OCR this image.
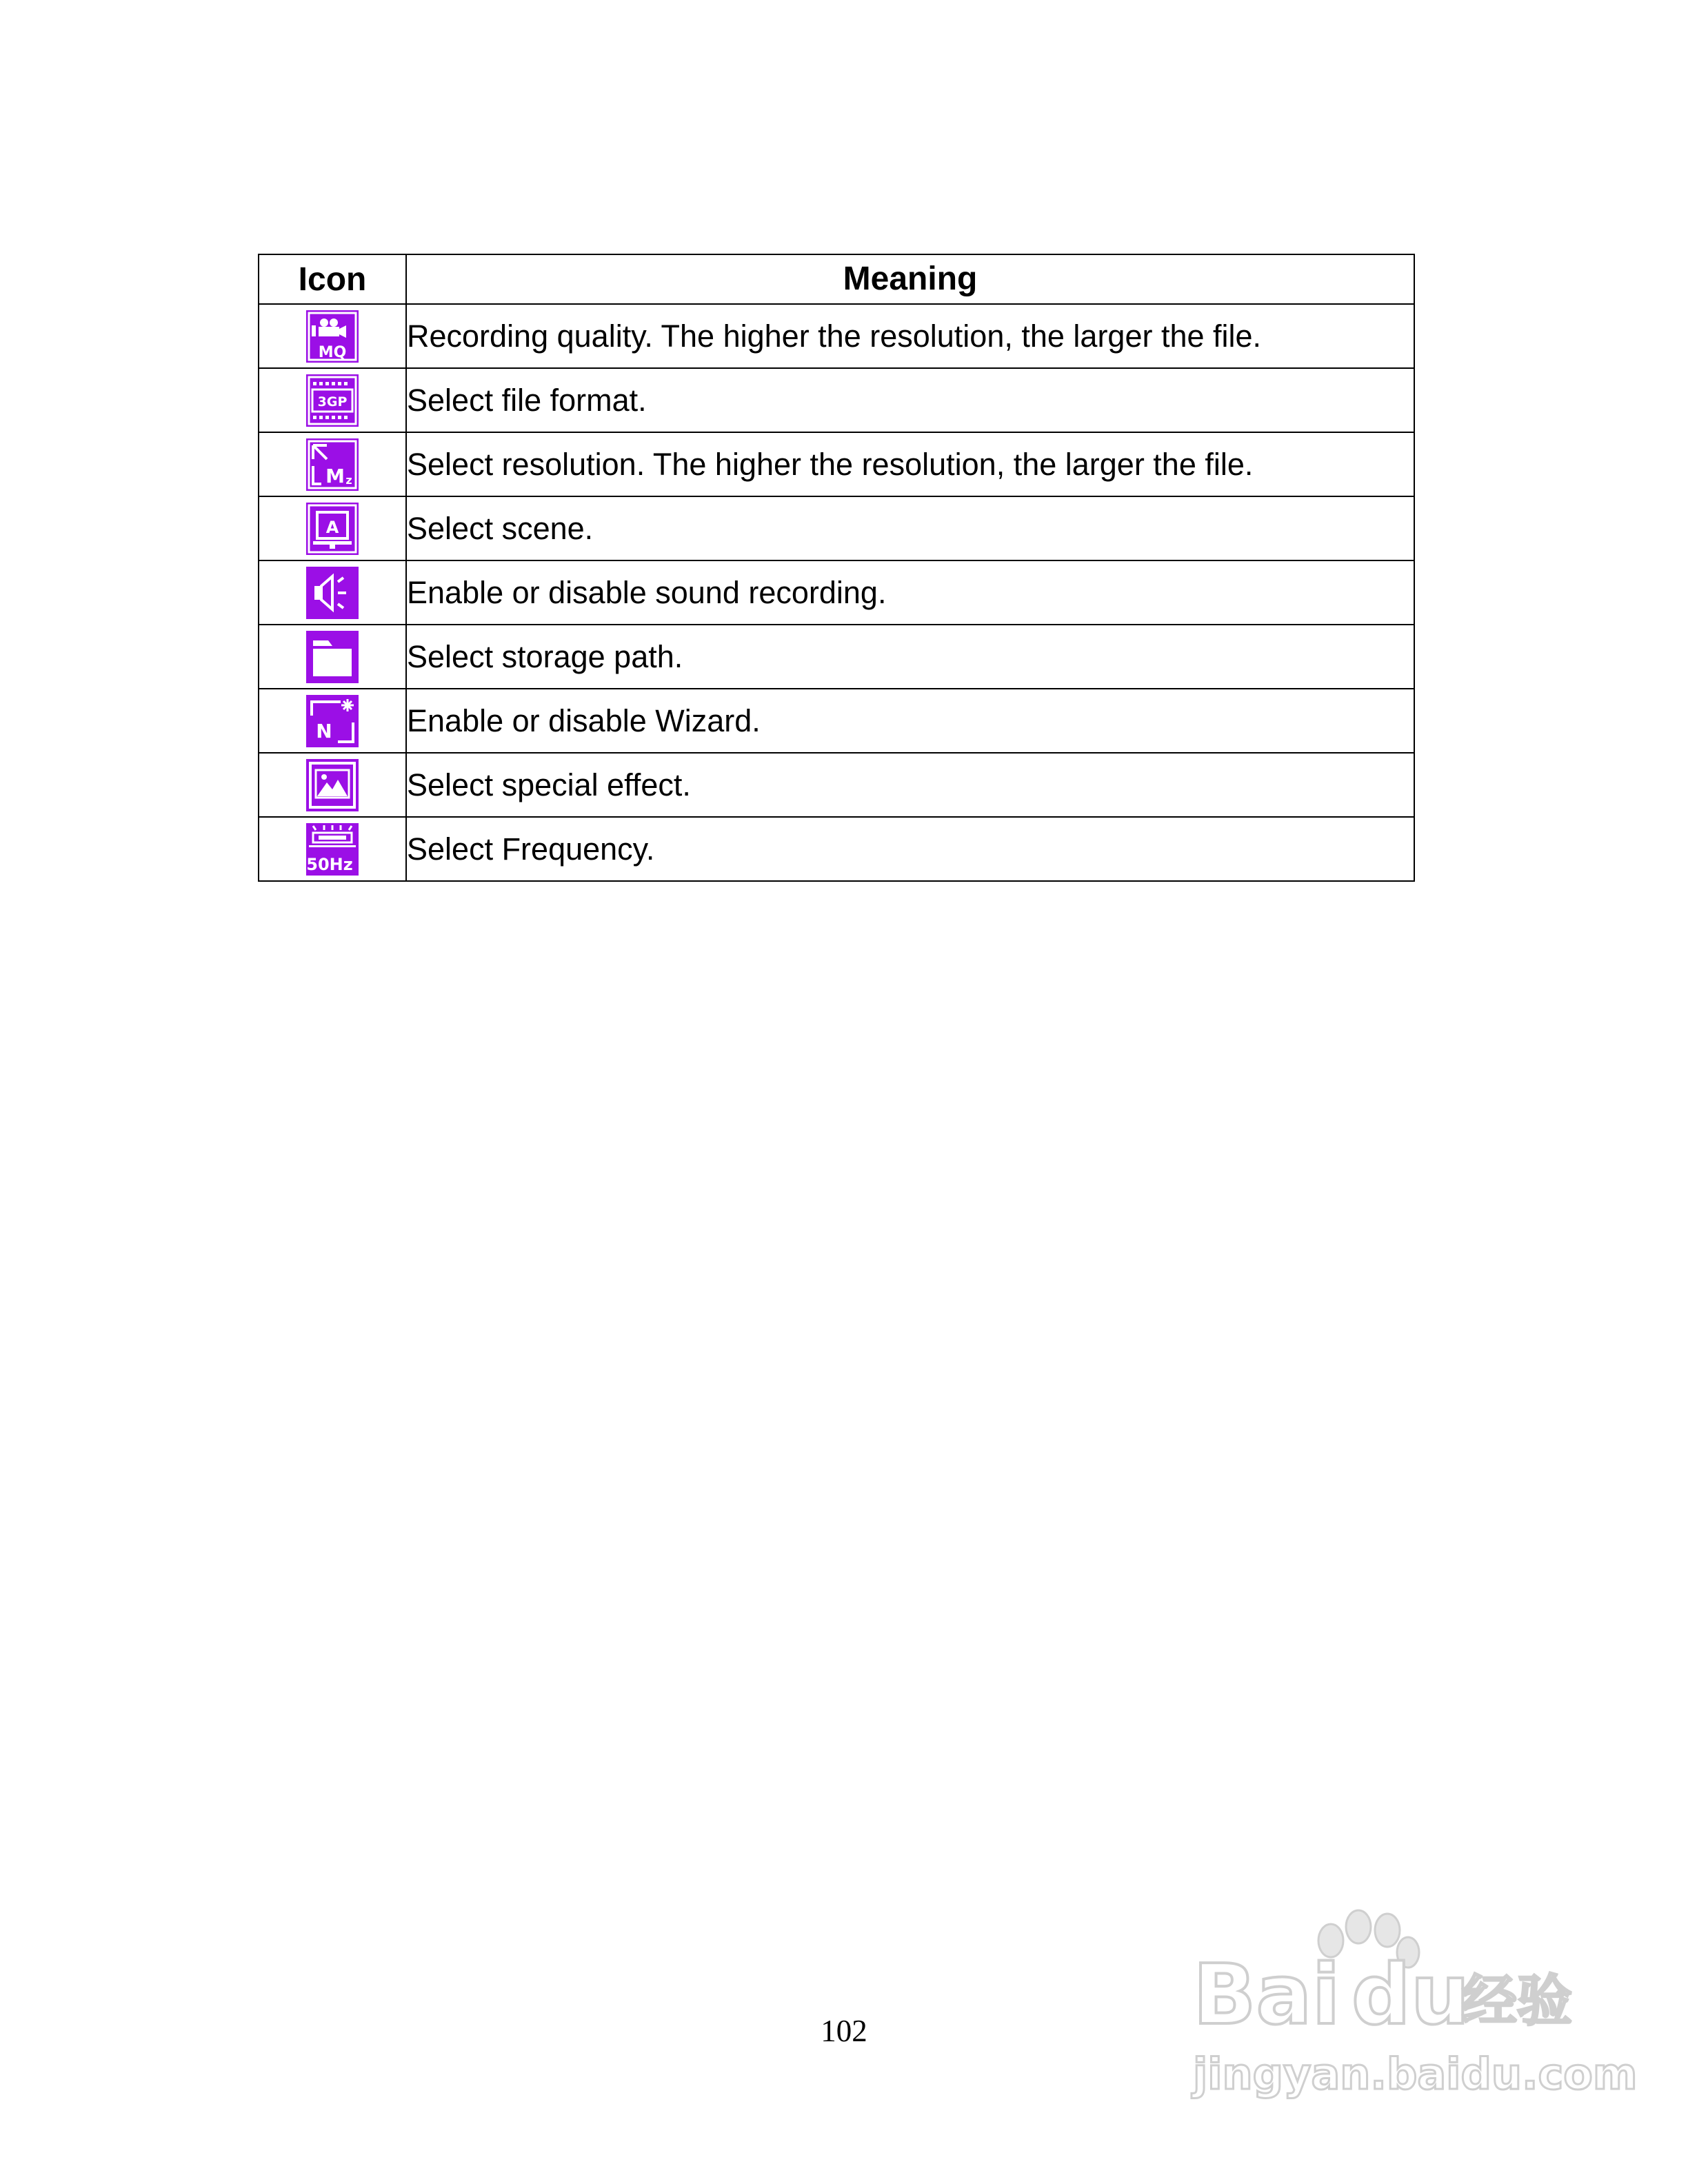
Icon	Meaning

MQ	Recording quality. The higher the resolution, the larger the file.

3GP	Select file format.

M z	Select resolution. The higher the resolution, the larger the file.

A	Select scene.

	Enable or disable sound recording.

	Select storage path.

N	Enable or disable Wizard.

	Select special effect.

50Hz	Select Frequency.
102	Bai du
经验
jingyan.baidu.com
